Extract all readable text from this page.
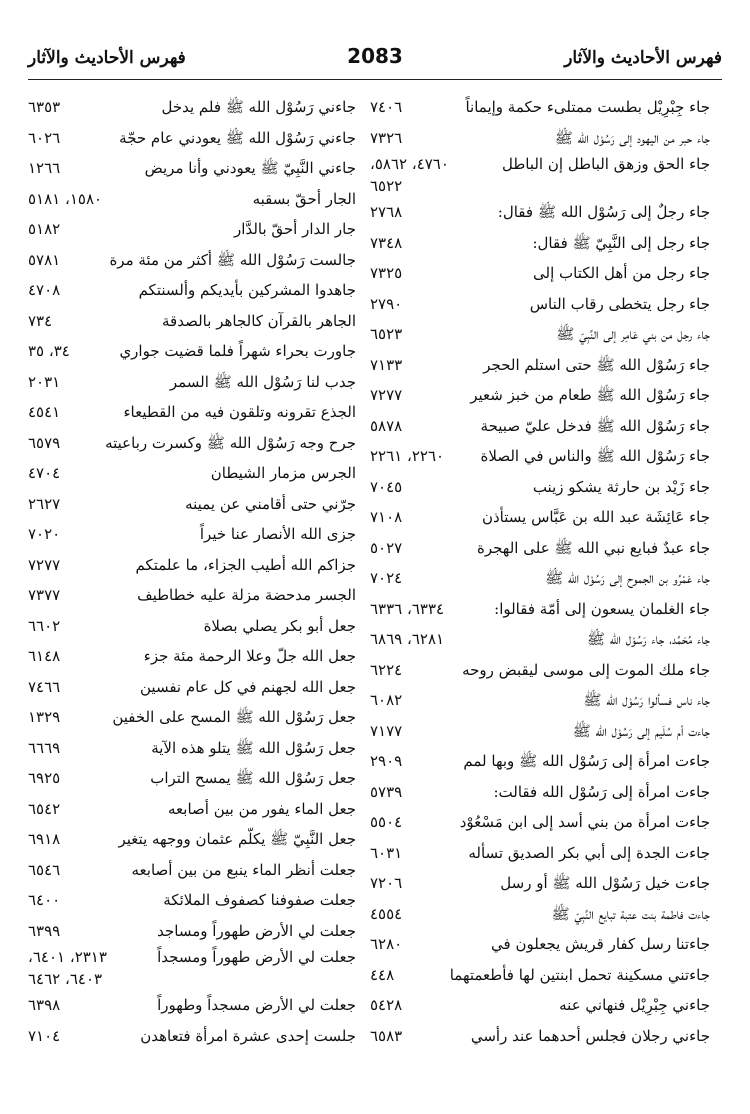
فهرس الأحاديث والآثار
2083
فهرس الأحاديث والآثار
جاء جِبْرِيْل بطست ممتلىء حكمة وإيماناً
٧٤٠٦
جاء حبر من اليهود إلى رَسُوْل الله ﷺ
٧٣٢٦
جاء الحق وزهق الباطل إن الباطل
٤٧٦٠، ٥٨٦٢،
٦٥٢٢
جاء رجلٌ إلى رَسُوْل الله ﷺ فقال:
٢٧٦٨
جاء رجل إلى النَّبِيّ ﷺ فقال:
٧٣٤٨
جاء رجل من أهل الكتاب إلى
٧٣٢٥
جاء رجل يتخطى رقاب الناس
٢٧٩٠
جاء رجل من بني عَامِر إلى النَّبِيّ ﷺ
٦٥٢٣
جاء رَسُوْل الله ﷺ حتى استلم الحجر
٧١٣٣
جاء رَسُوْل الله ﷺ طعام من خبز شعير
٧٢٧٧
جاء رَسُوْل الله ﷺ فدخل عليّ صبيحة
٥٨٧٨
جاء رَسُوْل الله ﷺ والناس في الصلاة
٢٢٦٠، ٢٢٦١
جاء زَيْد بن حارثة يشكو زينب
٧٠٤٥
جاء عَائِشَة عبد الله بن عَبَّاس يستأذن
٧١٠٨
جاء عبدٌ فبايع نبي الله ﷺ على الهجرة
٥٠٢٧
جاء عَمْرُو بن الجموح إلى رَسُوْل الله ﷺ
٧٠٢٤
جاء الغلمان يسعون إلى أمّة فقالوا:
٦٣٣٤، ٦٣٣٦
جاء مُحَمَّد، جاء رَسُوْل الله ﷺ
٦٢٨١، ٦٨٦٩
جاء ملك الموت إلى موسى ليقبض روحه
٦٢٢٤
جاء ناس فسألوا رَسُوْل الله ﷺ
٦٠٨٢
جاءت أم سُلَيم إلى رَسُوْل الله ﷺ
٧١٧٧
جاءت امرأة إلى رَسُوْل الله ﷺ وبها لمم
٢٩٠٩
جاءت امرأة إلى رَسُوْل الله فقالت:
٥٧٣٩
جاءت امرأة من بني أسد إلى ابن مَسْعُوْد
٥٥٠٤
جاءت الجدة إلى أبي بكر الصديق تسأله
٦٠٣١
جاءت خيل رَسُوْل الله ﷺ أو رسل
٧٢٠٦
جاءت فاطمة بنت عتبة تبايع النَّبِيّ ﷺ
٤٥٥٤
جاءتنا رسل كفار قريش يجعلون في
٦٢٨٠
جاءتني مسكينة تحمل ابنتين لها فأطعمتهما
٤٤٨
جاءني جِبْرِيْل فنهاني عنه
٥٤٢٨
جاءني رجلان فجلس أحدهما عند رأسي
٦٥٨٣
جاءني رَسُوْل الله ﷺ فلم يدخل
٦٣٥٣
جاءني رَسُوْل الله ﷺ يعودني عام حجّة
٦٠٢٦
جاءني النَّبِيّ ﷺ يعودني وأنا مريض
١٢٦٦
الجار أحقّ بسقبه
١٥٨٠، ٥١٨١
جار الدار أحقّ بالدَّار
٥١٨٢
جالست رَسُوْل الله ﷺ أكثر من مئة مرة
٥٧٨١
جاهدوا المشركين بأيديكم وألسنتكم
٤٧٠٨
الجاهر بالقرآن كالجاهر بالصدقة
٧٣٤
جاورت بحراء شهراً فلما قضيت جواري
٣٤، ٣٥
جدب لنا رَسُوْل الله ﷺ السمر
٢٠٣١
الجذع تقرونه وتلقون فيه من القطيعاء
٤٥٤١
جرح وجه رَسُوْل الله ﷺ وكسرت رباعيته
٦٥٧٩
الجرس مزمار الشيطان
٤٧٠٤
جرّني حتى أقامني عن يمينه
٢٦٢٧
جزى الله الأنصار عنا خيراً
٧٠٢٠
جزاكم الله أطيب الجزاء، ما علمتكم
٧٢٧٧
الجسر مدحضة مزلة عليه خطاطيف
٧٣٧٧
جعل أبو بكر يصلي بصلاة
٦٦٠٢
جعل الله جلّ وعلا الرحمة مئة جزء
٦١٤٨
جعل الله لجهنم في كل عام نفسين
٧٤٦٦
جعل رَسُوْل الله ﷺ المسح على الخفين
١٣٢٩
جعل رَسُوْل الله ﷺ يتلو هذه الآية
٦٦٦٩
جعل رَسُوْل الله ﷺ يمسح التراب
٦٩٢٥
جعل الماء يفور من بين أصابعه
٦٥٤٢
جعل النَّبِيّ ﷺ يكلّم عثمان ووجهه يتغير
٦٩١٨
جعلت أنظر الماء ينبع من بين أصابعه
٦٥٤٦
جعلت صفوفنا كصفوف الملائكة
٦٤٠٠
جعلت لي الأرض طهوراً ومساجد
٦٣٩٩
جعلت لي الأرض طهوراً ومسجداً
٢٣١٣، ٦٤٠١،
٦٤٠٣، ٦٤٦٢
جعلت لي الأرض مسجداً وطهوراً
٦٣٩٨
جلست إحدى عشرة امرأة فتعاهدن
٧١٠٤
